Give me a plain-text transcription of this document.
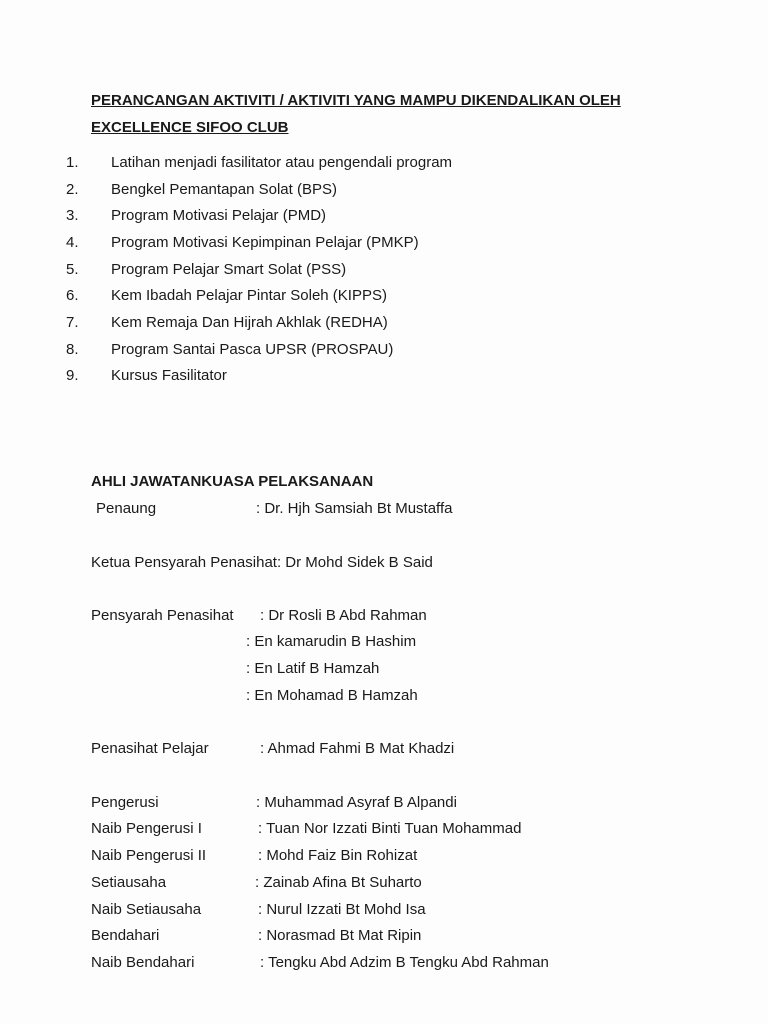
PERANCANGAN AKTIVITI / AKTIVITI YANG MAMPU DIKENDALIKAN OLEH
EXCELLENCE SIFOO CLUB
1. Latihan menjadi fasilitator atau pengendali program
2. Bengkel Pemantapan Solat (BPS)
3. Program Motivasi Pelajar (PMD)
4. Program Motivasi Kepimpinan Pelajar (PMKP)
5. Program Pelajar Smart Solat (PSS)
6. Kem Ibadah Pelajar Pintar Soleh (KIPPS)
7. Kem Remaja Dan Hijrah Akhlak (REDHA)
8. Program Santai Pasca UPSR (PROSPAU)
9. Kursus Fasilitator
AHLI JAWATANKUASA PELAKSANAAN
Penaung	: Dr. Hjh Samsiah Bt Mustaffa
Ketua Pensyarah Penasihat: Dr Mohd Sidek B Said
Pensyarah Penasihat : Dr Rosli B Abd Rahman
: En kamarudin B Hashim
: En Latif B Hamzah
: En Mohamad B Hamzah
Penasihat Pelajar	: Ahmad Fahmi B Mat Khadzi
Pengerusi	: Muhammad Asyraf B Alpandi
Naib Pengerusi I	: Tuan Nor Izzati Binti Tuan Mohammad
Naib Pengerusi II	: Mohd Faiz Bin Rohizat
Setiausaha	: Zainab Afina Bt Suharto
Naib Setiausaha	: Nurul Izzati Bt Mohd Isa
Bendahari	: Norasmad Bt Mat Ripin
Naib Bendahari	: Tengku Abd Adzim B Tengku Abd Rahman
